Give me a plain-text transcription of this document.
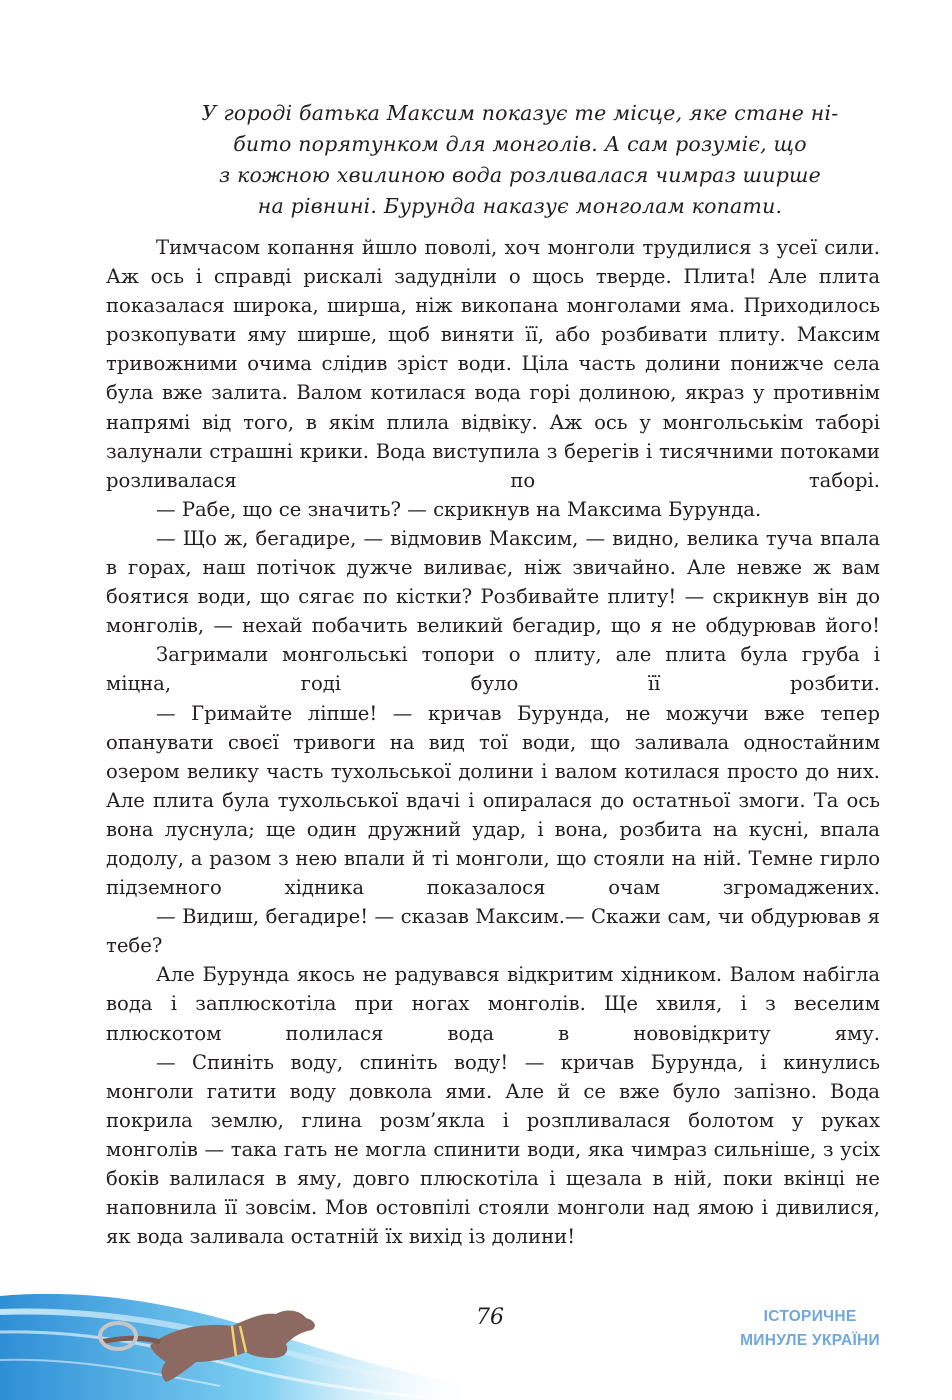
У городі батька Максим показує те місце, яке стане ні-
бито порятунком для монголів. А сам розуміє, що
з кожною хвилиною вода розливалася чимраз ширше
на рівнині. Бурунда наказує монголам копати.

Тимчасом копання йшло поволі, хоч монголи трудилися з усеї сили. Аж ось і справді рискалі задудніли о щось тверде. Плита! Але плита показалася широка, ширша, ніж викопана монголами яма. Приходилось розкопувати яму ширше, щоб виняти її, або розбивати плиту. Максим тривожними очима слідив зріст води. Ціла часть долини понижче села була вже залита. Валом котилася вода горі долиною, якраз у противнім напрямі від того, в якім плила відвіку. Аж ось у монгольськім таборі залунали страшні крики. Вода виступила з берегів і тисячними потоками розливалася по таборі.

— Рабе, що се значить? — скрикнув на Максима Бурунда.

— Що ж, бегадире, — відмовив Максим, — видно, велика туча впала в горах, наш потічок дужче виливає, ніж звичайно. Але невже ж вам боятися води, що сягає по кістки? Розбивайте плиту! — скрикнув він до монголів, — нехай побачить великий бегадир, що я не обдурював його!

Загримали монгольські топори о плиту, але плита була груба і міцна, годі було її розбити.

— Гримайте ліпше! — кричав Бурунда, не можучи вже тепер опанувати своєї тривоги на вид тої води, що заливала одностайним озером велику часть тухольської долини і валом котилася просто до них. Але плита була тухольської вдачі і опиралася до остатньої змоги. Та ось вона луснула; ще один дружний удар, і вона, розбита на кусні, впала додолу, а разом з нею впали й ті монголи, що стояли на ній. Темне гирло підземного хідника показалося очам згромаджених.

— Видиш, бегадире! — сказав Максим.— Скажи сам, чи обдурював я тебе?

Але Бурунда якось не радувався відкритим хідником. Валом набігла вода і заплюскотіла при ногах монголів. Ще хвиля, і з веселим плюскотом полилася вода в нововідкриту яму.

— Спиніть воду, спиніть воду! — кричав Бурунда, і кинулись монголи гатити воду довкола ями. Але й се вже було запізно. Вода покрила землю, глина розм’якла і розпливалася болотом у руках монголів — така гать не могла спинити води, яка чимраз сильніше, з усіх боків валилася в яму, довго плюскотіла і щезала в ній, поки вкінці не наповнила її зовсім. Мов остовпілі стояли монголи над ямою і дивилися, як вода заливала остатній їх вихід із долини!

76	ІСТОРИЧНЕ
МИНУЛЕ УКРАЇНИ
